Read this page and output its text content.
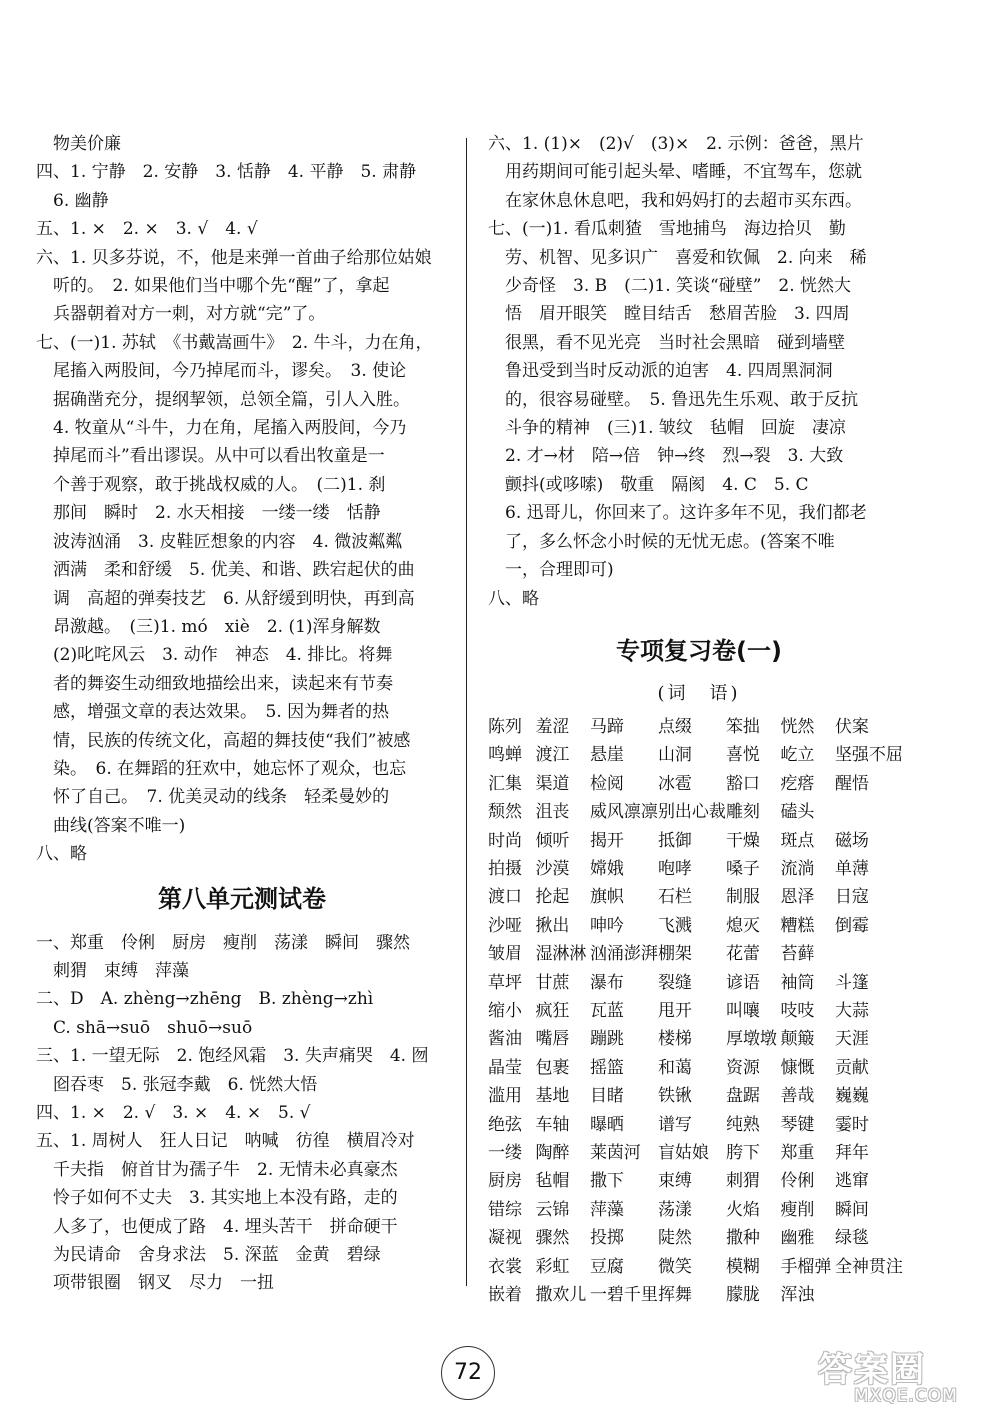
　物美价廉
四、1. 宁静　2. 安静　3. 恬静　4. 平静　5. 肃静
　6. 幽静
五、1. ×　2. ×　3. √　4. √
六、1. 贝多芬说，不，他是来弹一首曲子给那位姑娘
　听的。　2. 如果他们当中哪个先“醒”了，拿起
　兵器朝着对方一刺，对方就“完”了。
七、(一)1. 苏轼　《书戴嵩画牛》　2. 牛斗，力在角，
　尾搐入两股间，今乃掉尾而斗，谬矣。　3. 使论
　据确凿充分，提纲挈领，总领全篇，引人入胜。
　4. 牧童从“斗牛，力在角，尾搐入两股间，今乃
　掉尾而斗”看出谬误。从中可以看出牧童是一
　个善于观察，敢于挑战权威的人。　(二)1. 刹
　那间　瞬时　2. 水天相接　一缕一缕　恬静
　波涛汹涌　3. 皮鞋匠想象的内容　4. 微波粼粼
　洒满　柔和舒缓　5. 优美、和谐、跌宕起伏的曲
　调　高超的弹奏技艺　6. 从舒缓到明快，再到高
　昂激越。　(三)1. mó　xiè　2. (1)浑身解数
　(2)叱咤风云　3. 动作　神态　4. 排比。将舞
　者的舞姿生动细致地描绘出来，读起来有节奏
　感，增强文章的表达效果。　5. 因为舞者的热
　情，民族的传统文化，高超的舞技使“我们”被感
　染。　6. 在舞蹈的狂欢中，她忘怀了观众，也忘
　怀了自己。　7. 优美灵动的线条　轻柔曼妙的
　曲线(答案不唯一)
八、略
第八单元测试卷
一、郑重　伶俐　厨房　瘦削　荡漾　瞬间　骤然
　刺猬　束缚　萍藻
二、D　A. zhèng→zhēng　B. zhèng→zhì
　C. shā→suō　shuō→suō
三、1. 一望无际　2. 饱经风霜　3. 失声痛哭　4. 囫
　囵吞枣　5. 张冠李戴　6. 恍然大悟
四、1. ×　2. √　3. ×　4. ×　5. √
五、1. 周树人　狂人日记　呐喊　彷徨　横眉冷对
　千夫指　俯首甘为孺子牛　2. 无情未必真豪杰
　怜子如何不丈夫　3. 其实地上本没有路，走的
　人多了，也便成了路　4. 埋头苦干　拼命硬干
　为民请命　舍身求法　5. 深蓝　金黄　碧绿
　项带银圈　钢叉　尽力　一扭
六、1. (1)×　(2)√　(3)×　2. 示例：爸爸，黑片
　用药期间可能引起头晕、嗜睡，不宜驾车，您就
　在家休息休息吧，我和妈妈打的去超市买东西。
七、(一)1. 看瓜刺猹　雪地捕鸟　海边拾贝　勤
　劳、机智、见多识广　喜爱和钦佩　2. 向来　稀
　少奇怪　3. B　(二)1. 笑谈“碰壁”　2. 恍然大
　悟　眉开眼笑　瞠目结舌　愁眉苦脸　3. 四周
　很黑，看不见光亮　当时社会黑暗　碰到墙壁
　鲁迅受到当时反动派的迫害　4. 四周黑洞洞
　的，很容易碰壁。　5. 鲁迅先生乐观、敢于反抗
　斗争的精神　(三)1. 皱纹　毡帽　回旋　凄凉
　2. 才→材　陪→倍　钟→终　烈→裂　3. 大致
　颤抖(或哆嗦)　敬重　隔阂　4. C　5. C
　6. 迅哥儿，你回来了。这许多年不见，我们都老
　了，多么怀念小时候的无忧无虑。(答案不唯
　一，合理即可)
八、略
专项复习卷(一)
(词　语)
陈列	羞涩	马蹄	点缀	笨拙	恍然	伏案
鸣蝉	渡江	悬崖	山洞	喜悦	屹立	坚强不屈
汇集	渠道	检阅	冰雹	豁口	疙瘩	醒悟
颓然	沮丧	威风凛凛	别出心裁	雕刻	磕头	
时尚	倾听	揭开	抵御	干燥	斑点	磁场
拍摄	沙漠	嫦娥	咆哮	嗓子	流淌	单薄
渡口	抡起	旗帜	石栏	制服	恩泽	日寇
沙哑	揪出	呻吟	飞溅	熄灭	糟糕	倒霉
皱眉	湿淋淋	汹涌澎湃	棚架	花蕾	苔藓	
草坪	甘蔗	瀑布	裂缝	谚语	袖筒	斗篷
缩小	疯狂	瓦蓝	甩开	叫嚷	吱吱	大蒜
酱油	嘴唇	蹦跳	楼梯	厚墩墩	颠簸	天涯
晶莹	包裹	摇篮	和蔼	资源	慷慨	贡献
滥用	基地	目睹	铁锹	盘踞	善哉	巍巍
绝弦	车轴	曝晒	谱写	纯熟	琴键	霎时
一缕	陶醉	莱茵河	盲姑娘	胯下	郑重	拜年
厨房	毡帽	撒下	束缚	刺猬	伶俐	逃窜
错综	云锦	萍藻	荡漾	火焰	瘦削	瞬间
凝视	骤然	投掷	陡然	撒种	幽雅	绿毯
衣裳	彩虹	豆腐	微笑	模糊	手榴弹	全神贯注
嵌着	撒欢儿	一碧千里	挥舞	朦胧	浑浊	
72	答案圈
MXQE.COM
